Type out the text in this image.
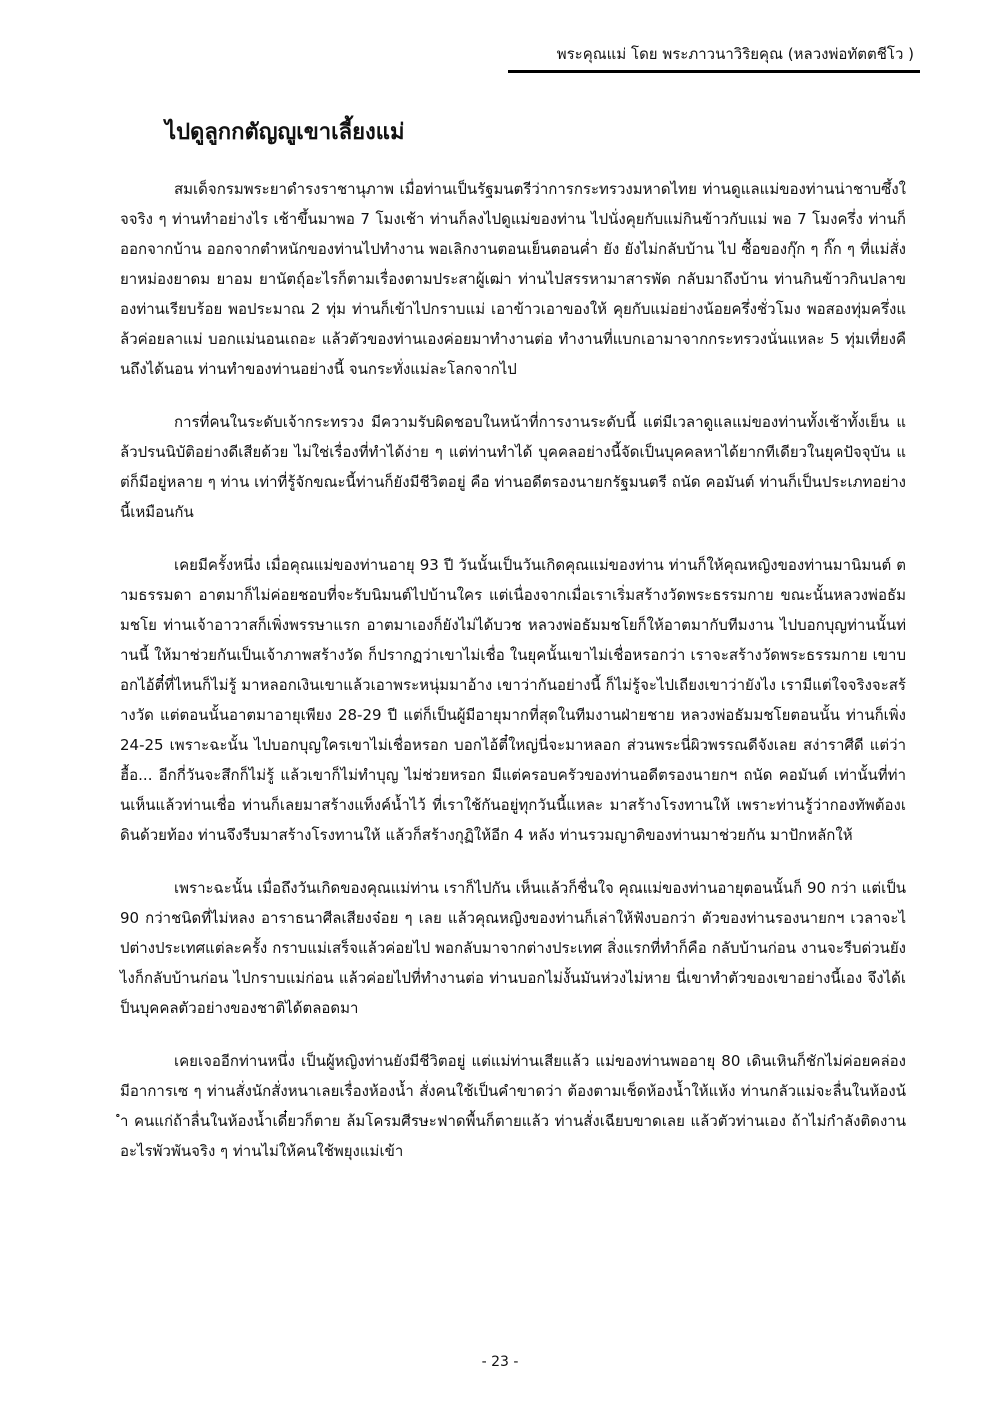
พระคุณแม่ โดย พระภาวนาวิริยคุณ (หลวงพ่อทัตตชีโว )
ไปดูลูกกตัญญูเขาเลี้ยงแม่

สมเด็จกรมพระยาดำรงราชานุภาพ เมื่อท่านเป็นรัฐมนตรีว่าการกระทรวงมหาดไทย ท่านดูแลแม่ของท่านน่าชาบซึ้งใจจริง ๆ ท่านทำอย่างไร เช้าขึ้นมาพอ 7 โมงเช้า ท่านก็ลงไปดูแม่ของท่าน ไปนั่งคุยกับแม่กินข้าวกับแม่ พอ 7 โมงครึ่ง ท่านก็ออกจากบ้าน ออกจากตำหนักของท่านไปทำงาน พอเลิกงานตอนเย็นตอนค่ำ ยัง ยังไม่กลับบ้าน ไป ซื้อของกุ๊ก ๆ กิ๊ก ๆ ที่แม่สั่ง ยาหม่องยาดม ยาอม ยานัตถุ์อะไรก็ตามเรื่องตามประสาผู้เฒ่า ท่านไปสรรหามาสารพัด กลับมาถึงบ้าน ท่านกินข้าวกินปลาของท่านเรียบร้อย พอประมาณ 2 ทุ่ม ท่านก็เข้าไปกราบแม่ เอาข้าวเอาของให้ คุยกับแม่อย่างน้อยครึ่งชั่วโมง พอสองทุ่มครึ่งแล้วค่อยลาแม่ บอกแม่นอนเถอะ แล้วตัวของท่านเองค่อยมาทำงานต่อ ทำงานที่แบกเอามาจากกระทรวงนั่นแหละ 5 ทุ่มเที่ยงคืนถึงได้นอน ท่านทำของท่านอย่างนี้ จนกระทั่งแม่ละโลกจากไป

การที่คนในระดับเจ้ากระทรวง มีความรับผิดชอบในหน้าที่การงานระดับนี้ แต่มีเวลาดูแลแม่ของท่านทั้งเช้าทั้งเย็น แล้วปรนนิบัติอย่างดีเสียด้วย ไม่ใช่เรื่องที่ทำได้ง่าย ๆ แต่ท่านทำได้ บุคคลอย่างนี้จัดเป็นบุคคลหาได้ยากทีเดียวในยุคปัจจุบัน แต่ก็มีอยู่หลาย ๆ ท่าน เท่าที่รู้จักขณะนี้ท่านก็ยังมีชีวิตอยู่ คือ ท่านอดีตรองนายกรัฐมนตรี ถนัด คอมันต์ ท่านก็เป็นประเภทอย่างนี้เหมือนกัน

เคยมีครั้งหนึ่ง เมื่อคุณแม่ของท่านอายุ 93 ปี วันนั้นเป็นวันเกิดคุณแม่ของท่าน ท่านก็ให้คุณหญิงของท่านมานิมนต์ ตามธรรมดา อาตมาก็ไม่ค่อยชอบที่จะรับนิมนต์ไปบ้านใคร แต่เนื่องจากเมื่อเราเริ่มสร้างวัดพระธรรมกาย ขณะนั้นหลวงพ่อธัมมชโย ท่านเจ้าอาวาสก็เพิ่งพรรษาแรก อาตมาเองก็ยังไม่ได้บวช หลวงพ่อธัมมชโยก็ให้อาตมากับทีมงาน ไปบอกบุญท่านนั้นท่านนี้ ให้มาช่วยกันเป็นเจ้าภาพสร้างวัด ก็ปรากฏว่าเขาไม่เชื่อ ในยุคนั้นเขาไม่เชื่อหรอกว่า เราจะสร้างวัดพระธรรมกาย เขาบอกไอ้ตี๋ที่ไหนก็ไม่รู้ มาหลอกเงินเขาแล้วเอาพระหนุ่มมาอ้าง เขาว่ากันอย่างนี้ ก็ไม่รู้จะไปเถียงเขาว่ายังไง เรามีแต่ใจจริงจะสร้างวัด แต่ตอนนั้นอาตมาอายุเพียง 28-29 ปี แต่ก็เป็นผู้มีอายุมากที่สุดในทีมงานฝ่ายชาย หลวงพ่อธัมมชโยตอนนั้น ท่านก็เพิ่ง 24-25 เพราะฉะนั้น ไปบอกบุญใครเขาไม่เชื่อหรอก บอกไอ้ตี๋ใหญ่นี่จะมาหลอก ส่วนพระนี่ผิวพรรณดีจังเลย สง่าราศีดี แต่ว่า ฮื้อ... อีกกี่วันจะสึกก็ไม่รู้ แล้วเขาก็ไม่ทำบุญ ไม่ช่วยหรอก มีแต่ครอบครัวของท่านอดีตรองนายกฯ ถนัด คอมันต์ เท่านั้นที่ท่านเห็นแล้วท่านเชื่อ ท่านก็เลยมาสร้างแท็งค์น้ำไว้ ที่เราใช้กันอยู่ทุกวันนี้แหละ มาสร้างโรงทานให้ เพราะท่านรู้ว่ากองทัพต้องเดินด้วยท้อง ท่านจึงรีบมาสร้างโรงทานให้ แล้วก็สร้างกุฏิให้อีก 4 หลัง ท่านรวมญาติของท่านมาช่วยกัน มาปักหลักให้

เพราะฉะนั้น เมื่อถึงวันเกิดของคุณแม่ท่าน เราก็ไปกัน เห็นแล้วก็ชื่นใจ คุณแม่ของท่านอายุตอนนั้นก็ 90 กว่า แต่เป็น 90 กว่าชนิดที่ไม่หลง อาราธนาศีลเสียงจ๋อย ๆ เลย แล้วคุณหญิงของท่านก็เล่าให้ฟังบอกว่า ตัวของท่านรองนายกฯ เวลาจะไปต่างประเทศแต่ละครั้ง กราบแม่เสร็จแล้วค่อยไป พอกลับมาจากต่างประเทศ สิ่งแรกที่ทำก็คือ กลับบ้านก่อน งานจะรีบด่วนยังไงก็กลับบ้านก่อน ไปกราบแม่ก่อน แล้วค่อยไปที่ทำงานต่อ ท่านบอกไม่งั้นมันห่วงไม่หาย นี่เขาทำตัวของเขาอย่างนี้เอง จึงได้เป็นบุคคลตัวอย่างของชาติได้ตลอดมา

เคยเจออีกท่านหนึ่ง เป็นผู้หญิงท่านยังมีชีวิตอยู่ แต่แม่ท่านเสียแล้ว แม่ของท่านพออายุ 80 เดินเหินก็ชักไม่ค่อยคล่อง มีอาการเซ ๆ ท่านสั่งนักสั่งหนาเลยเรื่องห้องน้ำ สั่งคนใช้เป็นคำขาดว่า ต้องตามเช็ดห้องน้ำให้แห้ง ท่านกลัวแม่จะลื่นในห้องน้ำ คนแก่ถ้าลื่นในห้องน้ำเดี๋ยวก็ตาย ล้มโครมศีรษะฟาดพื้นก็ตายแล้ว ท่านสั่งเฉียบขาดเลย แล้วตัวท่านเอง ถ้าไม่กำลังติดงานอะไรพัวพันจริง ๆ ท่านไม่ให้คนใช้พยุงแม่เข้า

- 23 -
